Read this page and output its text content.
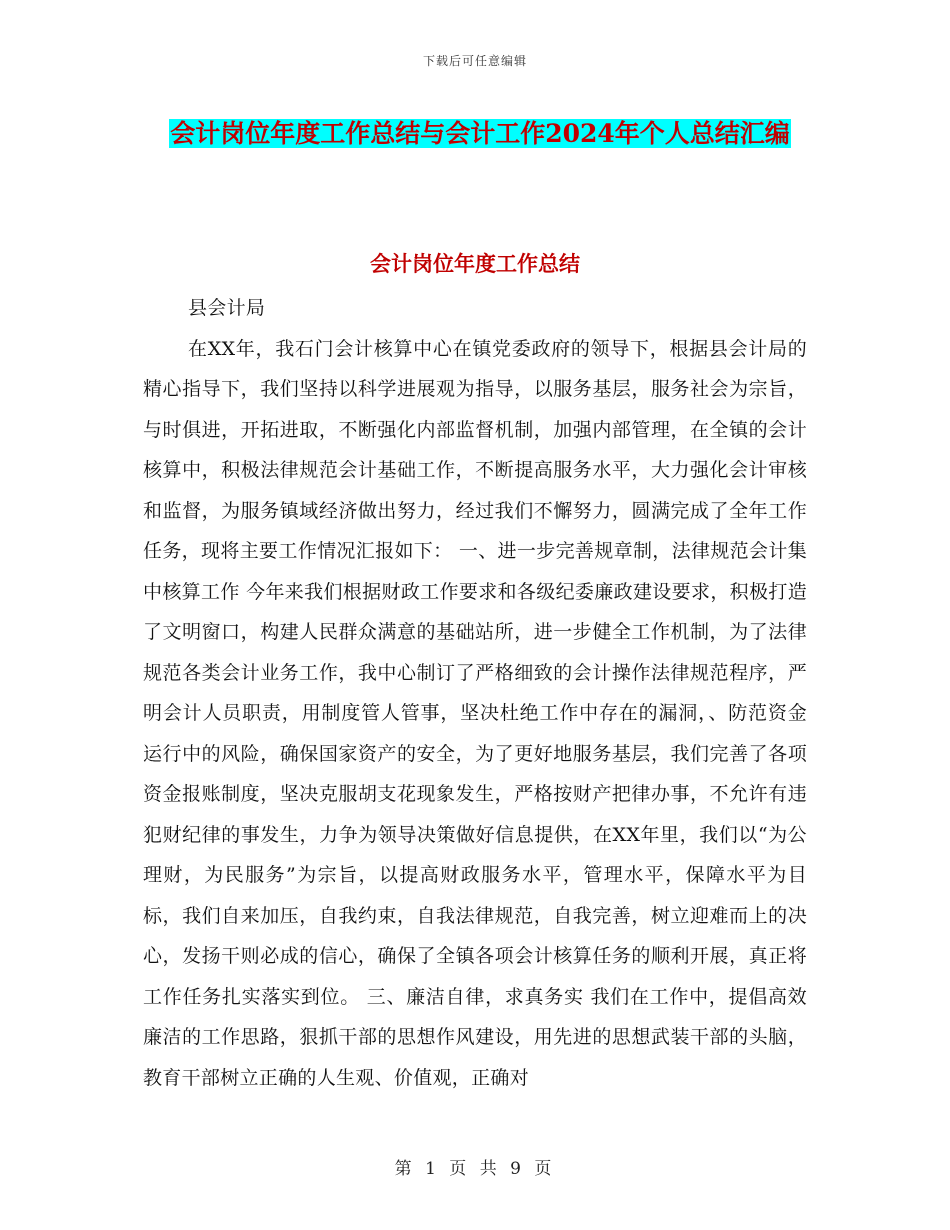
下载后可任意编辑
会计岗位年度工作总结与会计工作2024年个人总结汇编
会计岗位年度工作总结

县会计局

在XX年，我石门会计核算中心在镇党委政府的领导下，根据县会计局的精心指导下，我们坚持以科学进展观为指导，以服务基层，服务社会为宗旨，与时俱进，开拓进取，不断强化内部监督机制，加强内部管理，在全镇的会计核算中，积极法律规范会计基础工作，不断提高服务水平，大力强化会计审核和监督，为服务镇域经济做出努力，经过我们不懈努力，圆满完成了全年工作任务，现将主要工作情况汇报如下： 一、进一步完善规章制，法律规范会计集中核算工作 今年来我们根据财政工作要求和各级纪委廉政建设要求，积极打造了文明窗口，构建人民群众满意的基础站所，进一步健全工作机制，为了法律规范各类会计业务工作，我中心制订了严格细致的会计操作法律规范程序，严明会计人员职责，用制度管人管事，坚决杜绝工作中存在的漏洞，、防范资金运行中的风险，确保国家资产的安全，为了更好地服务基层，我们完善了各项资金报账制度，坚决克服胡支花现象发生，严格按财产把律办事，不允许有违犯财纪律的事发生，力争为领导决策做好信息提供，在XX年里，我们以“为公理财，为民服务”为宗旨，以提高财政服务水平，管理水平，保障水平为目标，我们自来加压，自我约束，自我法律规范，自我完善，树立迎难而上的决心，发扬干则必成的信心，确保了全镇各项会计核算任务的顺利开展，真正将工作任务扎实落实到位。 三、廉洁自律，求真务实 我们在工作中，提倡高效廉洁的工作思路，狠抓干部的思想作风建设，用先进的思想武装干部的头脑，教育干部树立正确的人生观、价值观，正确对

第 1 页 共 9 页
